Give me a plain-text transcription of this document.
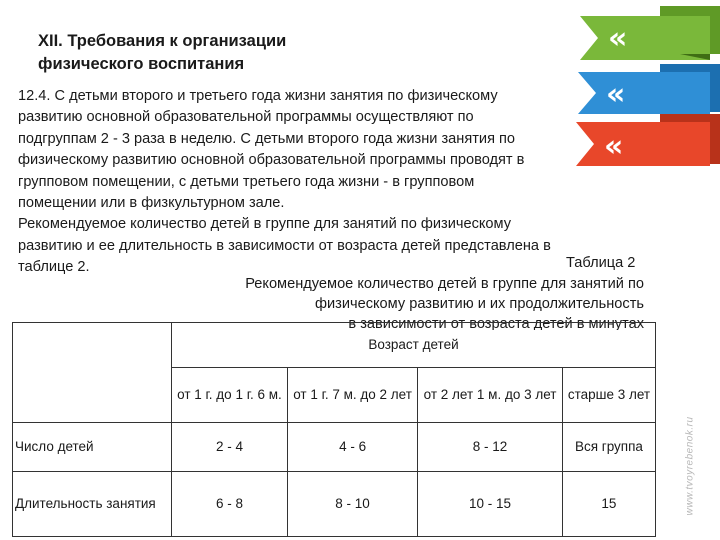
«
«
«
XII. Требования к организации
физического воспитания
12.4. С детьми второго и третьего года жизни занятия по физическому
развитию основной образовательной программы осуществляют по
подгруппам 2 - 3 раза в неделю. С детьми второго года жизни занятия по
физическому развитию основной образовательной программы проводят в
групповом помещении, с детьми третьего года жизни - в групповом
помещении или в физкультурном зале.
Рекомендуемое количество детей в группе для занятий по физическому
развитию и ее длительность в зависимости от возраста детей представлена в
таблице 2.	Таблица 2
Рекомендуемое количество детей в группе для занятий по
физическому развитию и их продолжительность
в зависимости от возраста детей в минутах
	Возраст детей			
	от 1 г. до 1 г. 6 м.	от 1 г. 7 м. до 2 лет	от 2 лет 1 м. до 3 лет	старше 3 лет
Число детей	2 - 4	4 - 6	8 - 12	Вся группа
Длительность занятия	6 - 8	8 - 10	10 - 15	15	www.tvoyrebenok.ru
